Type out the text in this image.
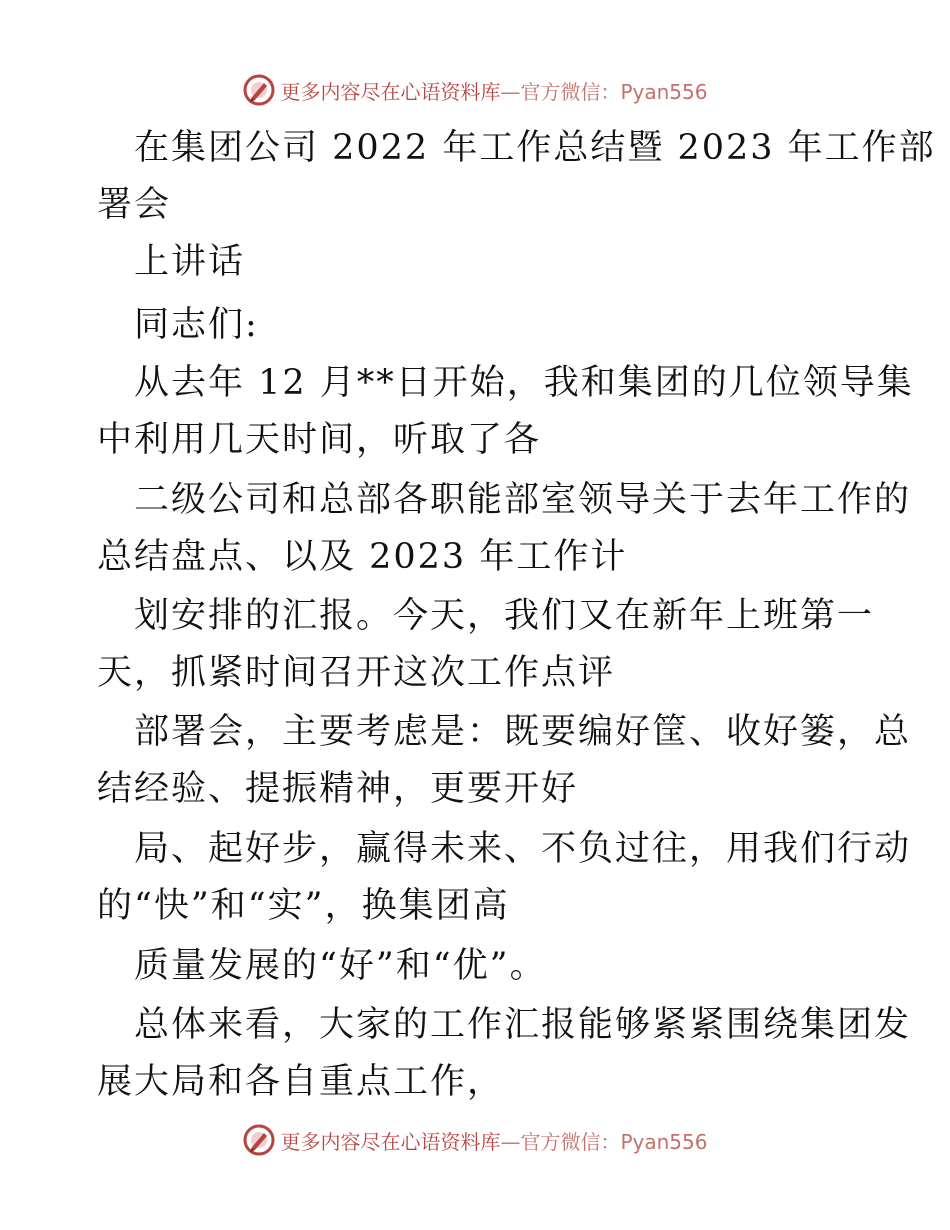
更多内容尽在心语资料库—官方微信：Pyan556
在集团公司 2022 年工作总结暨 2023 年工作部
署会
上讲话
同志们:
从去年 12 月**日开始，我和集团的几位领导集
中利用几天时间，听取了各
二级公司和总部各职能部室领导关于去年工作的
总结盘点、以及 2023 年工作计
划安排的汇报。今天，我们又在新年上班第一
天，抓紧时间召开这次工作点评
部署会，主要考虑是：既要编好筐、收好篓，总
结经验、提振精神，更要开好
局、起好步，赢得未来、不负过往，用我们行动
的“快”和“实”，换集团高
质量发展的“好”和“优”。
总体来看，大家的工作汇报能够紧紧围绕集团发
展大局和各自重点工作，
更多内容尽在心语资料库—官方微信：Pyan556
